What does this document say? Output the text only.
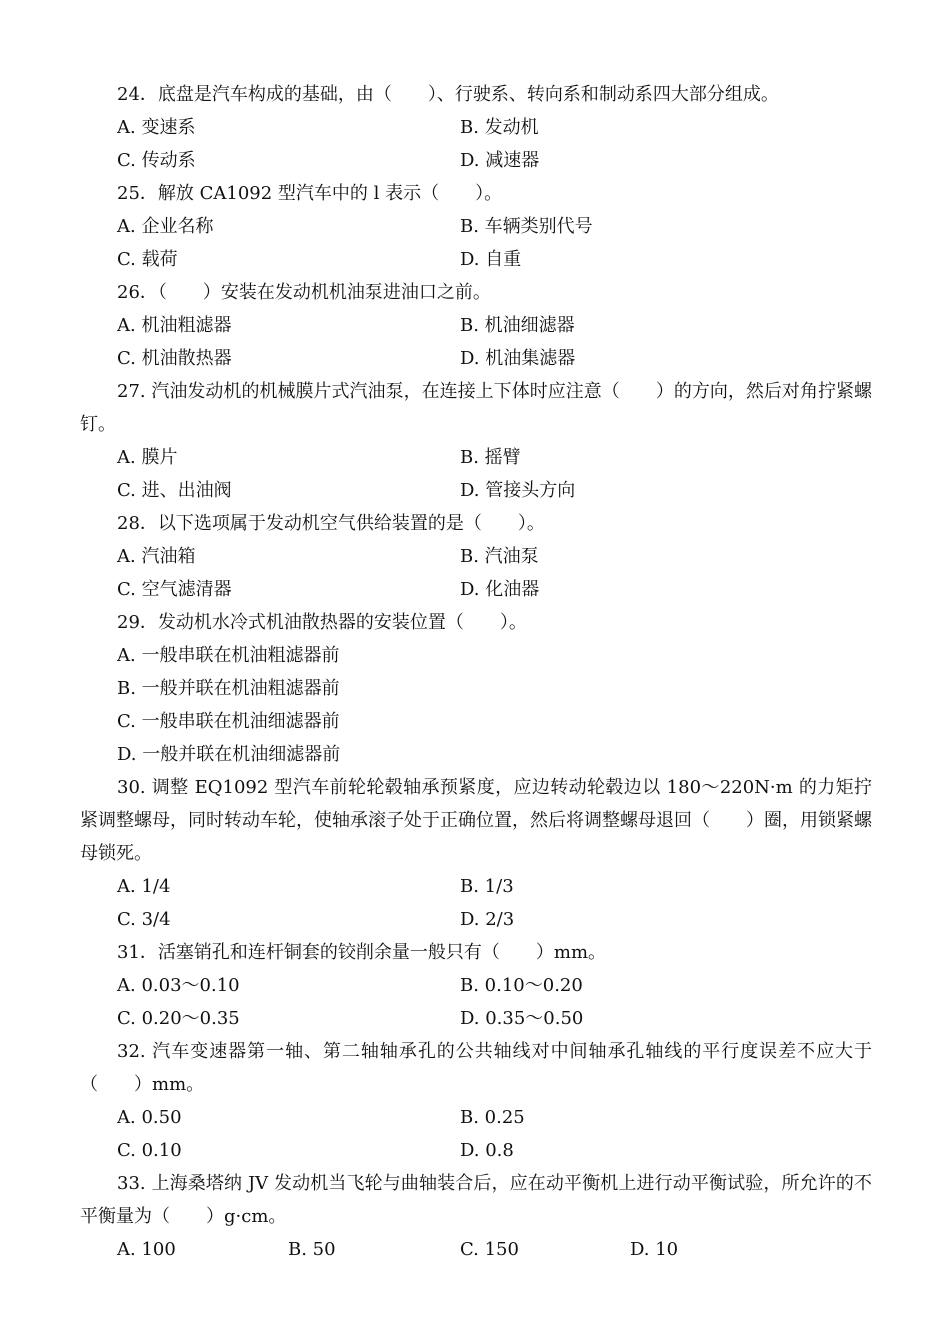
24．底盘是汽车构成的基础，由（　　）、行驶系、转向系和制动系四大部分组成。
A. 变速系	B. 发动机
C. 传动系	D. 减速器
25．解放 CA1092 型汽车中的 l 表示（　　）。
A. 企业名称	B. 车辆类别代号
C. 载荷	D. 自重
26．（　　）安装在发动机机油泵进油口之前。
A. 机油粗滤器	B. 机油细滤器
C. 机油散热器	D. 机油集滤器
27. 汽油发动机的机械膜片式汽油泵，在连接上下体时应注意（　　）的方向，然后对角拧紧螺钉。
A. 膜片	B. 摇臂
C. 进、出油阀	D. 管接头方向
28．以下选项属于发动机空气供给装置的是（　　）。
A. 汽油箱	B. 汽油泵
C. 空气滤清器	D. 化油器
29．发动机水冷式机油散热器的安装位置（　　）。
A. 一般串联在机油粗滤器前
B. 一般并联在机油粗滤器前
C. 一般串联在机油细滤器前
D. 一般并联在机油细滤器前
30. 调整 EQ1092 型汽车前轮轮毂轴承预紧度，应边转动轮毂边以 180～220N·m 的力矩拧紧调整螺母，同时转动车轮，使轴承滚子处于正确位置，然后将调整螺母退回（　　）圈，用锁紧螺母锁死。
A. 1/4	B. 1/3
C. 3/4	D. 2/3
31．活塞销孔和连杆铜套的铰削余量一般只有（　　）mm。
A. 0.03～0.10	B. 0.10～0.20
C. 0.20～0.35	D. 0.35～0.50
32. 汽车变速器第一轴、第二轴轴承孔的公共轴线对中间轴承孔轴线的平行度误差不应大于（　　）mm。
A. 0.50	B. 0.25
C. 0.10	D. 0.8
33. 上海桑塔纳 JV 发动机当飞轮与曲轴装合后，应在动平衡机上进行动平衡试验，所允许的不平衡量为（　　）g·cm。
A. 100	B. 50	C. 150	D. 10
